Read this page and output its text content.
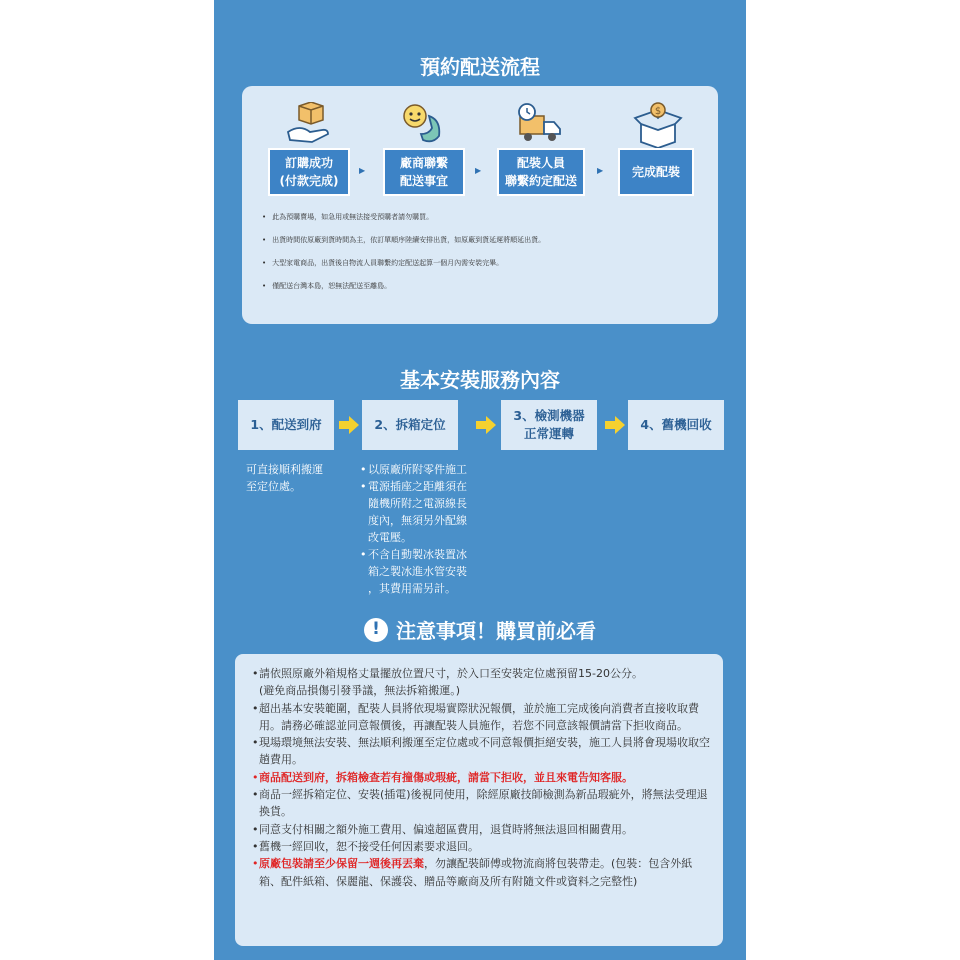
預約配送流程
$
訂購成功
(付款完成)
▶
廠商聯繫
配送事宜
▶
配裝人員
聯繫約定配送
▶ 完成配裝
• 此為預購賣場，如急用或無法接受預購者請勿購買。
• 出貨時間依原廠到貨時間為主，依訂單順序陸續安排出貨，如原廠到貨延遲將順延出貨。
• 大型家電商品，出貨後自物流人員聯繫約定配送起算一個月內需安裝完畢。
• 僅配送台灣本島，恕無法配送至離島。
基本安裝服務內容
1、配送到府	2、拆箱定位
3、檢測機器
正常運轉
4、舊機回收
可直接順利搬運
至定位處。
• 以原廠所附零件施工
• 電源插座之距離須在
隨機所附之電源線長
度內，無須另外配線
改電壓。
• 不含自動製冰裝置冰
箱之製冰進水管安裝
，其費用需另計。
! 注意事項！購買前必看
• 請依照原廠外箱規格丈量擺放位置尺寸，於入口至安裝定位處預留15-20公分。
(避免商品損傷引發爭議，無法拆箱搬運。)
• 超出基本安裝範圍，配裝人員將依現場實際狀況報價，並於施工完成後向消費者直接收取費用。請務必確認並同意報價後，再讓配裝人員施作，若您不同意該報價請當下拒收商品。
• 現場環境無法安裝、無法順利搬運至定位處或不同意報價拒絕安裝，施工人員將會現場收取空趟費用。
• 商品配送到府，拆箱檢查若有撞傷或瑕疵，請當下拒收，並且來電告知客服。
• 商品一經拆箱定位、安裝(插電)後視同使用，除經原廠技師檢測為新品瑕疵外，將無法受理退換貨。
• 同意支付相關之額外施工費用、偏遠超區費用，退貨時將無法退回相關費用。
• 舊機一經回收，恕不接受任何因素要求退回。
• 原廠包裝請至少保留一週後再丟棄，勿讓配裝師傅或物流商將包裝帶走。(包裝：包含外紙箱、配件紙箱、保麗龍、保護袋、贈品等廠商及所有附隨文件或資料之完整性)
